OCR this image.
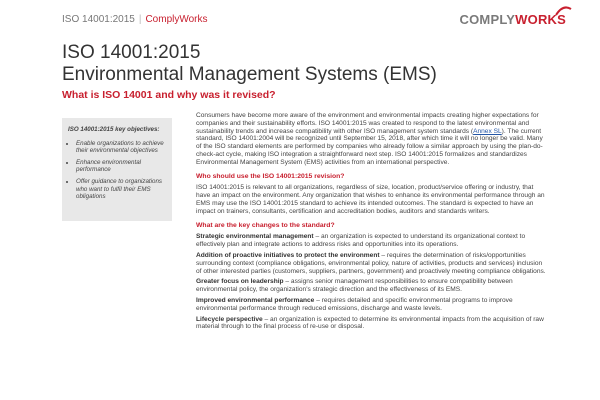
ISO 14001:2015 | ComplyWorks	COMPLYWORKS
ISO 14001:2015
Environmental Management Systems (EMS)
What is ISO 14001 and why was it revised?
ISO 14001:2015 key objectives:
• Enable organizations to achieve their environmental objectives
• Enhance environmental performance
• Offer guidance to organizations who want to fulfil their EMS obligations

Consumers have become more aware of the environment and environmental impacts creating higher expectations for companies and their sustainability efforts. ISO 14001:2015 was created to respond to the latest environmental and sustainability trends and increase compatibility with other ISO management system standards (Annex SL). The current standard, ISO 14001:2004 will be recognized until September 15, 2018, after which time it will no longer be valid. Many of the ISO standard elements are performed by companies who already follow a similar approach by using the plan-do-check-act cycle, making ISO integration a straightforward next step. ISO 14001:2015 formalizes and standardizes Environmental Management System (EMS) activities from an international perspective.

Who should use the ISO 14001:2015 revision?

ISO 14001:2015 is relevant to all organizations, regardless of size, location, product/service offering or industry, that have an impact on the environment. Any organization that wishes to enhance its environmental performance through an EMS may use the ISO 14001:2015 standard to achieve its intended outcomes. The standard is expected to have an impact on trainers, consultants, certification and accreditation bodies, auditors and standards writers.

What are the key changes to the standard?

Strategic environmental management – an organization is expected to understand its organizational context to effectively plan and integrate actions to address risks and opportunities into its operations.

Addition of proactive initiatives to protect the environment – requires the determination of risks/opportunities surrounding context (compliance obligations, environmental policy, nature of activities, products and services) inclusion of other interested parties (customers, suppliers, partners, government) and proactively meeting compliance obligations.

Greater focus on leadership – assigns senior management responsibilities to ensure compatibility between environmental policy, the organization's strategic direction and the effectiveness of its EMS.

Improved environmental performance – requires detailed and specific environmental programs to improve environmental performance through reduced emissions, discharge and waste levels.

Lifecycle perspective – an organization is expected to determine its environmental impacts from the acquisition of raw material through to the final process of re-use or disposal.
